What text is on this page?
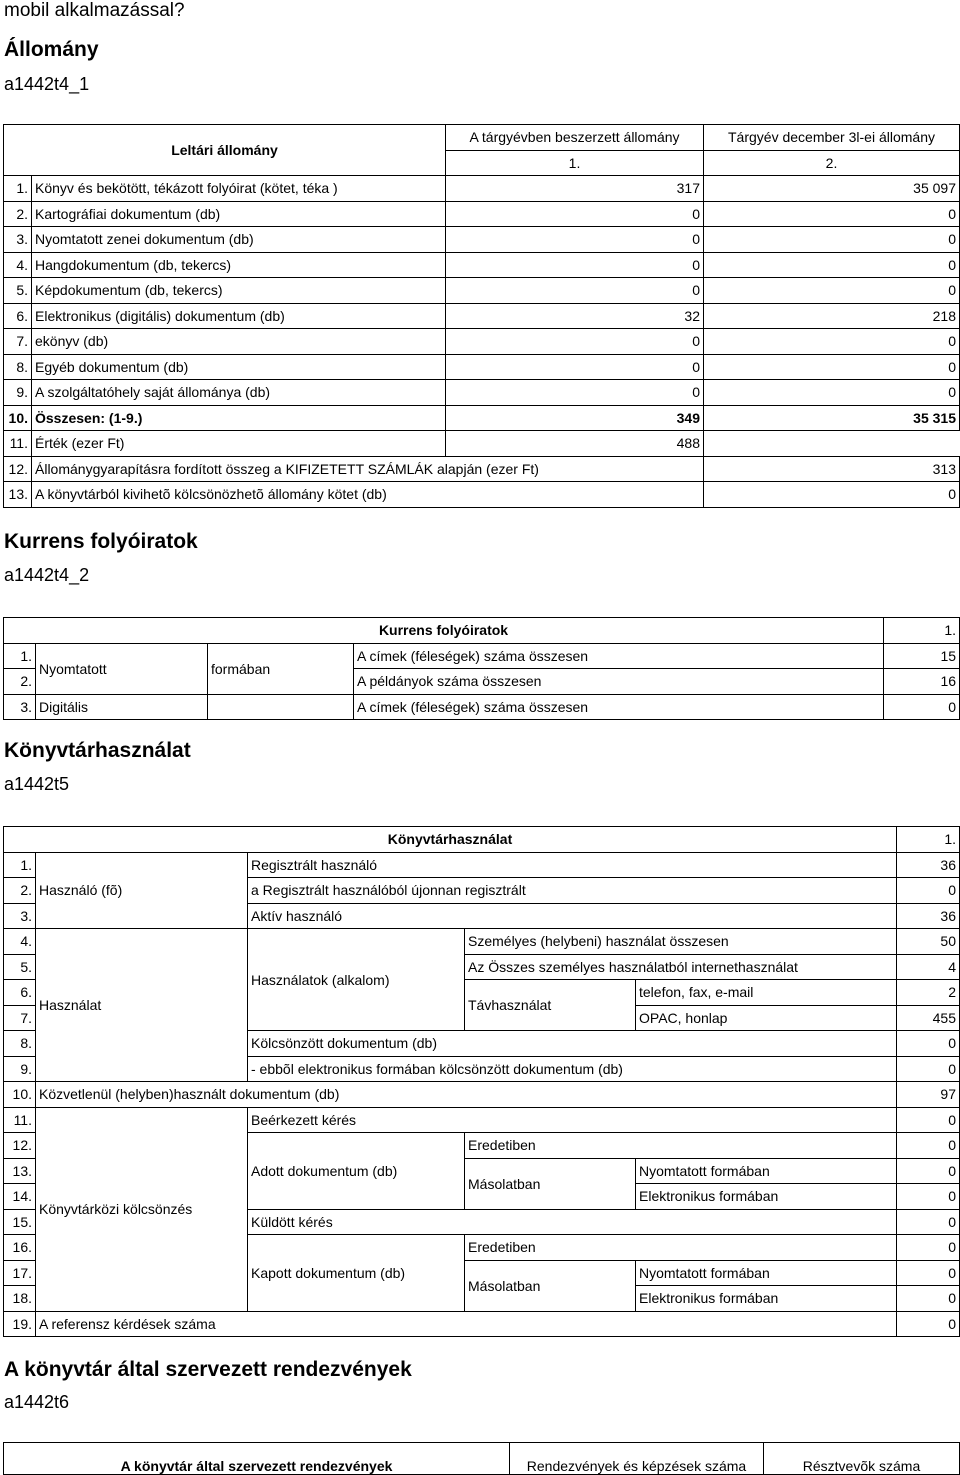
mobil alkalmazással?
Állomány
a1442t4_1
Leltári állomány		A tárgyévben beszerzett állomány	Tárgyév december 3l-ei állomány
		1.	2.
1.	Könyv és bekötött, tékázott folyóirat (kötet, téka )	317	35 097
2.	Kartográfiai dokumentum (db)	0	0
3.	Nyomtatott zenei dokumentum (db)	0	0
4.	Hangdokumentum (db, tekercs)	0	0
5.	Képdokumentum (db, tekercs)	0	0
6.	Elektronikus (digitális) dokumentum (db)	32	218
7.	ekönyv (db)	0	0
8.	Egyéb dokumentum (db)	0	0
9.	A szolgáltatóhely saját állománya (db)	0	0
10.	Összesen: (1-9.)	349	35 315
11.	Érték (ezer Ft)	488	
12.	Állománygyarapításra fordított összeg a KIFIZETETT SZÁMLÁK alapján (ezer Ft)		313
13.	A könyvtárból kivihetõ kölcsönözhetõ állomány kötet (db)		0
Kurrens folyóiratok
a1442t4_2
Kurrens folyóiratok				1.
1.	Nyomtatott	formában	A címek (féleségek) száma összesen	15
2.			A példányok száma összesen	16
3.	Digitális		A címek (féleségek) száma összesen	0
Könyvtárhasználat
a1442t5
Könyvtárhasználat					1.
1.	Használó (fõ)	Regisztrált használó			36
2.		a Regisztrált használóból újonnan regisztrált			0
3.		Aktív használó			36
4.	Használat	Használatok (alkalom)	Személyes (helybeni) használat összesen		50
5.			Az Összes személyes használatból internethasználat		4
6.			Távhasználat	telefon, fax, e-mail	2
7.				OPAC, honlap	455
8.		Kölcsönzött dokumentum (db)			0
9.		- ebbõl elektronikus formában kölcsönzött dokumentum (db)			0
10.	Közvetlenül (helyben)használt dokumentum (db)				97
11.	Könyvtárközi kölcsönzés	Beérkezett kérés			0
12.		Adott dokumentum (db)	Eredetiben		0
13.			Másolatban	Nyomtatott formában	0
14.				Elektronikus formában	0
15.		Küldött kérés			0
16.		Kapott dokumentum (db)	Eredetiben		0
17.			Másolatban	Nyomtatott formában	0
18.				Elektronikus formában	0
19.	A referensz kérdések száma				0
A könyvtár által szervezett rendezvények
a1442t6
A könyvtár által szervezett rendezvények	Rendezvények és képzések száma	Résztvevõk száma
